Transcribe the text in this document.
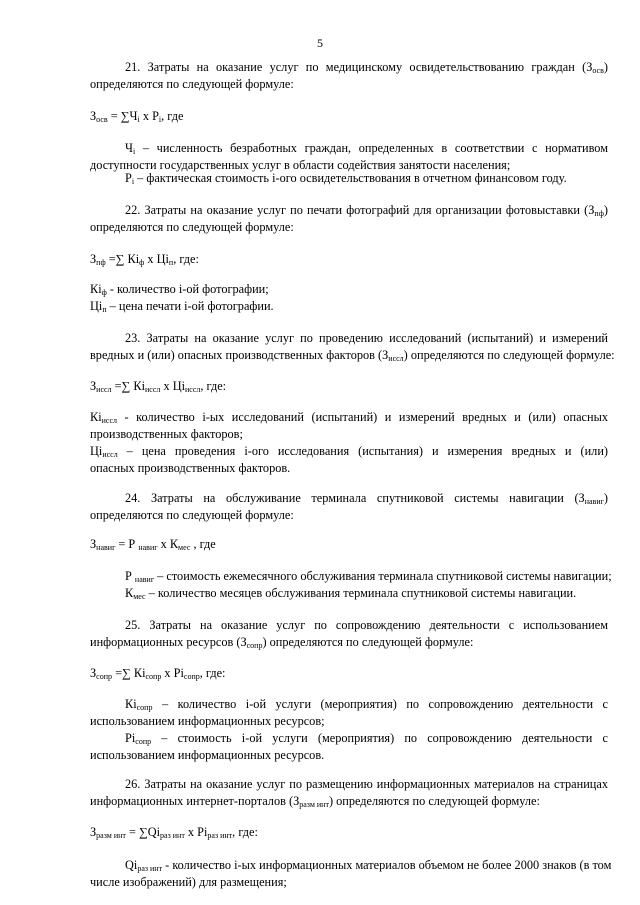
5
21. Затраты на оказание услуг по медицинскому освидетельствованию граждан $(З_{осв})$
определяются по следующей формуле:
$З_{осв} = \sum Ч_i$ х $Р_i$, где
$Ч_i$ – численность безработных граждан, определенных в соответствии с нормативом
доступности государственных услуг в области содействия занятости населения;
$Р_i$ – фактическая стоимость i-ого освидетельствования в отчетном финансовом году.
22. Затраты на оказание услуг по печати фотографий для организации фотовыставки $(З_{пф})$
определяются по следующей формуле:
$З_{пф}$ =∑ $Кi_ф$ х $Цi_п$, где:
$Кi_ф$ - количество i-ой фотографии;
$Цi_п$ – цена печати i-ой фотографии.
23. Затраты на оказание услуг по проведению исследований (испытаний) и измерений
вредных и (или) опасных производственных факторов $(З_{иссл})$ определяются по следующей формуле:
$З_{иссл}$ =∑ $Кi_{иссл}$ х $Цi_{иссл}$, где:
$Кi_{иссл}$ - количество i-ых исследований (испытаний) и измерений вредных и (или) опасных
производственных факторов;
$Цi_{иссл}$ – цена проведения i-ого исследования (испытания) и измерения вредных и (или)
опасных производственных факторов.
24. Затраты на обслуживание терминала спутниковой системы навигации $(З_{навиг})$
определяются по следующей формуле:
$З_{навиг} = Р$ $_{навиг}$ х $К_{мес}$ , где
Р $_{навиг}$ – стоимость ежемесячного обслуживания терминала спутниковой системы навигации;
$К_{мес}$ – количество месяцев обслуживания терминала спутниковой системы навигации.
25. Затраты на оказание услуг по сопровождению деятельности с использованием
информационных ресурсов $(З_{сопр})$ определяются по следующей формуле:
$З_{сопр}$ =∑ $Кi_{сопр}$ х $Рi_{сопр}$, где:
$Кi_{сопр}$ – количество i-ой услуги (мероприятия) по сопровождению деятельности с
использованием информационных ресурсов;
$Рi_{сопр}$ – стоимость i-ой услуги (мероприятия) по сопровождению деятельности с
использованием информационных ресурсов.
26. Затраты на оказание услуг по размещению информационных материалов на страницах
информационных интернет-порталов $(З_{разм инт})$ определяются по следующей формуле:
$З_{разм инт} = \sum Qi_{раз инт}$ х $Рi_{раз инт}$, где:
$Qi_{раз инт}$ - количество i-ых информационных материалов объемом не более 2000 знаков (в том
числе изображений) для размещения;
